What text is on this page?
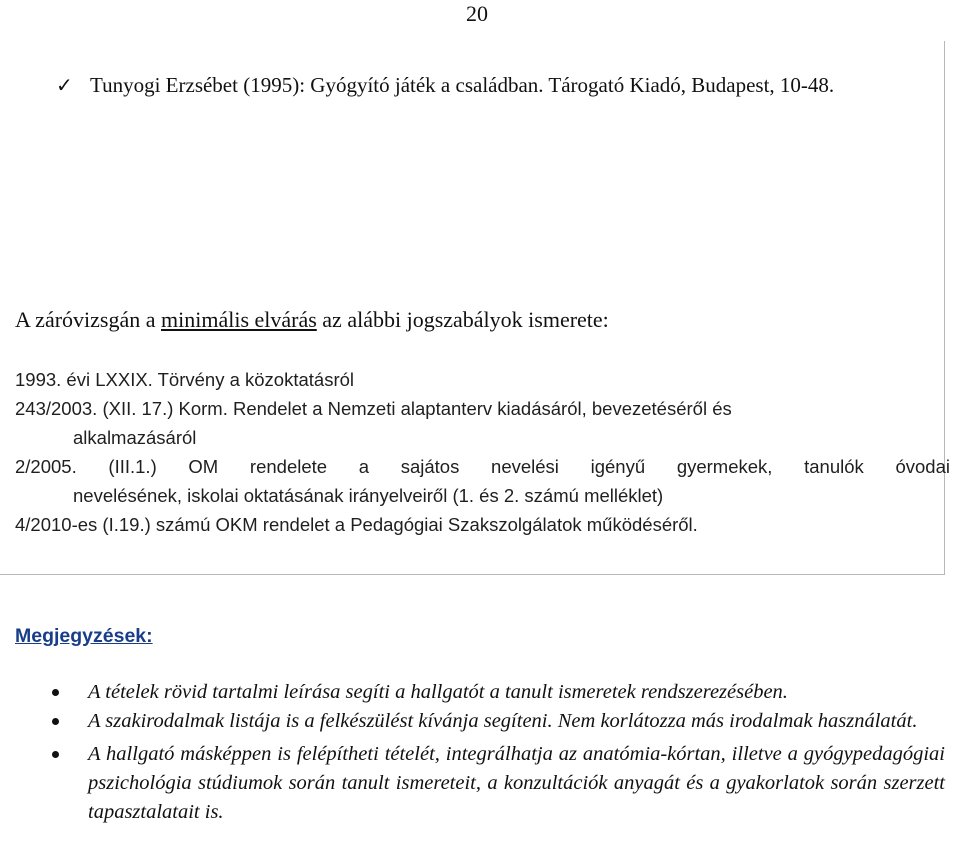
20
✓ Tunyogi Erzsébet (1995): Gyógyító játék a családban. Tárogató Kiadó, Budapest, 10-48.
A záróvizsgán a minimális elvárás az alábbi jogszabályok ismerete:
1993. évi LXXIX. Törvény a közoktatásról
243/2003. (XII. 17.) Korm. Rendelet a Nemzeti alaptanterv kiadásáról, bevezetéséről és
alkalmazásáról
2/2005. (III.1.) OM rendelete a sajátos nevelési igényű gyermekek, tanulók óvodai
nevelésének, iskolai oktatásának irányelveiről (1. és 2. számú melléklet)
4/2010-es (I.19.) számú OKM rendelet a Pedagógiai Szakszolgálatok működéséről.
Megjegyzések:
A tételek rövid tartalmi leírása segíti a hallgatót a tanult ismeretek rendszerezésében.
A szakirodalmak listája is a felkészülést kívánja segíteni. Nem korlátozza más irodalmak használatát.
A hallgató másképpen is felépítheti tételét, integrálhatja az anatómia-kórtan, illetve a gyógypedagógiai pszichológia stúdiumok során tanult ismereteit, a konzultációk anyagát és a gyakorlatok során szerzett tapasztalatait is.
